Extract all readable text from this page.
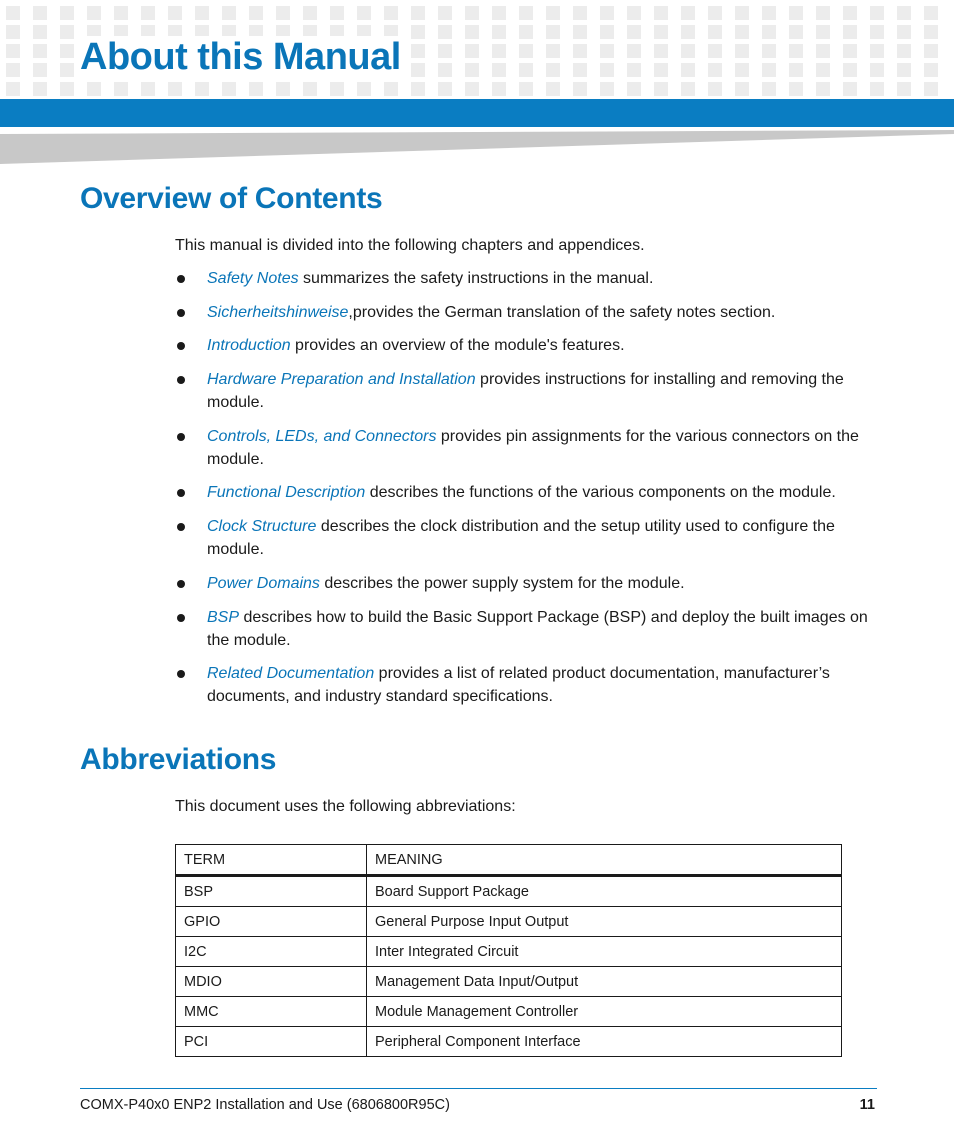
About this Manual
Overview of Contents

This manual is divided into the following chapters and appendices.

Safety Notes summarizes the safety instructions in the manual.
Sicherheitshinweise,provides the German translation of the safety notes section.
Introduction provides an overview of the module's features.
Hardware Preparation and Installation provides instructions for installing and removing the module.
Controls, LEDs, and Connectors provides pin assignments for the various connectors on the module.
Functional Description describes the functions of the various components on the module.
Clock Structure describes the clock distribution and the setup utility used to configure the module.
Power Domains describes the power supply system for the module.
BSP describes how to build the Basic Support Package (BSP) and deploy the built images on the module.
Related Documentation provides a list of related product documentation, manufacturer’s documents, and industry standard specifications.
Abbreviations

This document uses the following abbreviations:

TERM	MEANING
BSP	Board Support Package
GPIO	General Purpose Input Output
I2C	Inter Integrated Circuit
MDIO	Management Data Input/Output
MMC	Module Management Controller
PCI	Peripheral Component Interface
COMX-P40x0 ENP2 Installation and Use (6806800R95C)	11
